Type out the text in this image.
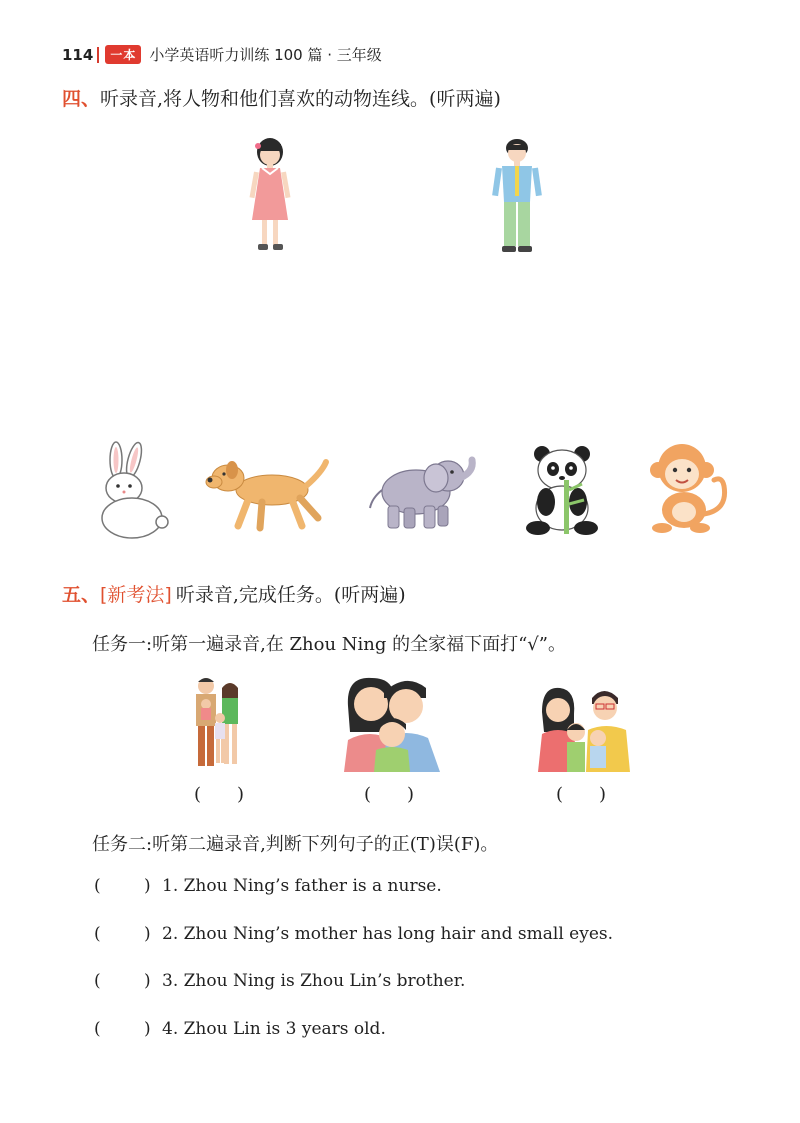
114	一本 小学英语听力训练 100 篇 · 三年级
四、 听录音,将人物和他们喜欢的动物连线。(听两遍)
五、 [新考法] 听录音,完成任务。(听两遍)
任务一:听第一遍录音,在 Zhou Ning 的全家福下面打“√”。
(　　)	(　　)	(　　)
任务二:听第二遍录音,判断下列句子的正(T)误(F)。
(	) 1. Zhou Ning’s father is a nurse.
(	) 2. Zhou Ning’s mother has long hair and small eyes.
(	) 3. Zhou Ning is Zhou Lin’s brother.
(	) 4. Zhou Lin is 3 years old.
